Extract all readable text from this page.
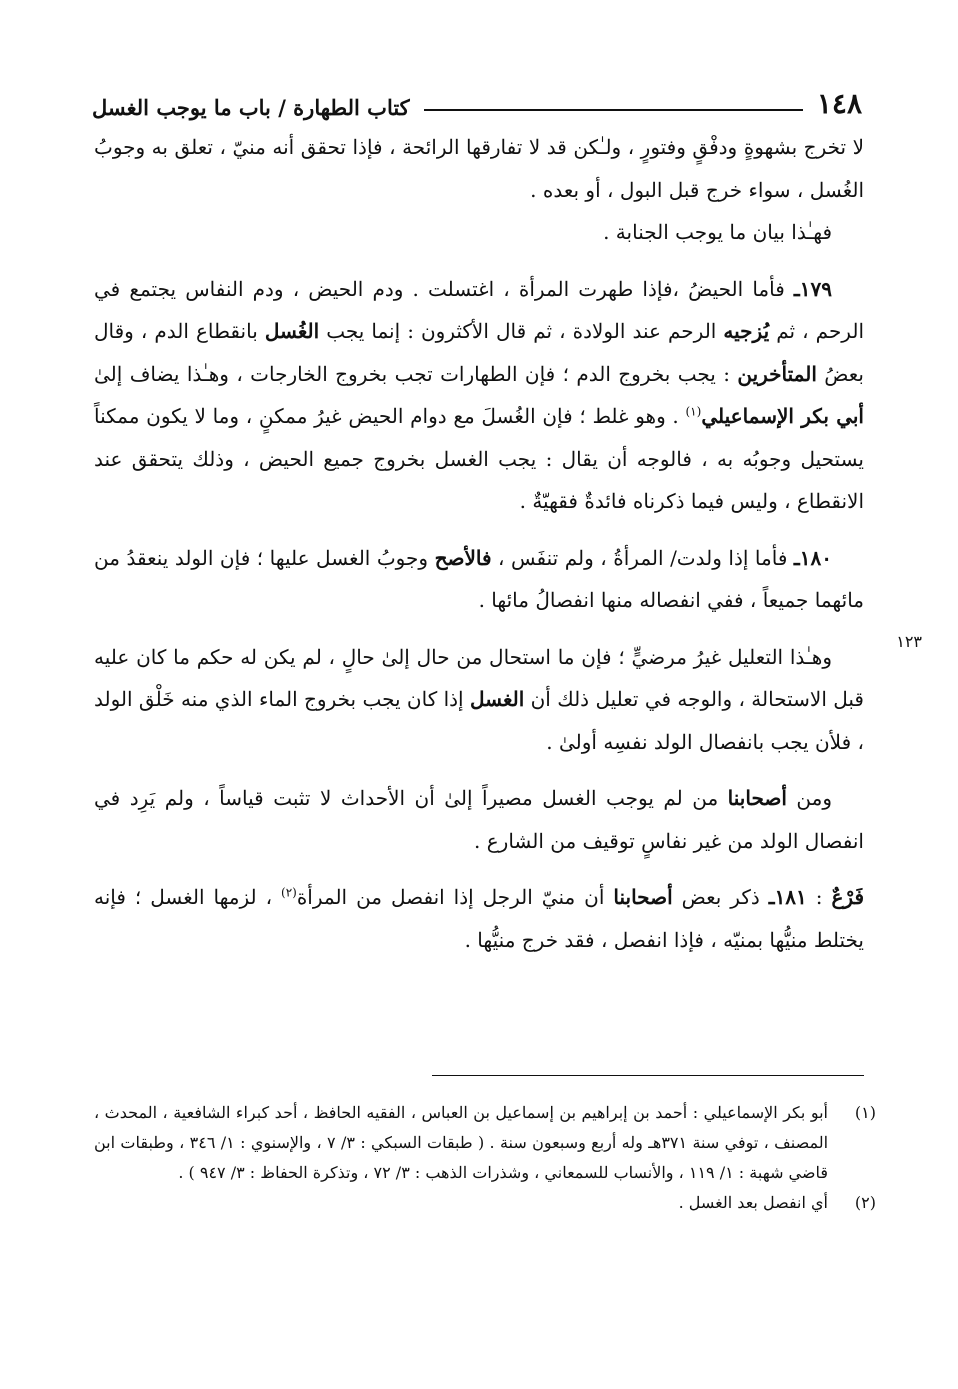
١٤٨
كتاب الطهارة / باب ما يوجب الغسل
١٢٣

لا تخرج بشهوةٍ ودفْقٍ وفتورٍ ، ولـٰكن قد لا تفارقها الرائحة ، فإذا تحقق أنه منيّ ، تعلق به وجوبُ الغُسل ، سواء خرج قبل البول ، أو بعده .

فهـٰذا بيان ما يوجب الجنابة .

١٧٩ـ فأما الحيضُ ،فإذا طهرت المرأة ، اغتسلت . ودم الحيض ، ودم النفاس يجتمع في الرحم ، ثم يُزجيه الرحم عند الولادة ، ثم قال الأكثرون : إنما يجب الغُسل بانقطاع الدم ، وقال بعضُ المتأخرين : يجب بخروج الدم ؛ فإن الطهارات تجب بخروج الخارجات ، وهـٰذا يضاف إلىٰ أبي بكر الإسماعيلي$^{(١)}$ . وهو غلط ؛ فإن الغُسلَ مع دوام الحيض غيرُ ممكنٍ ، وما لا يكون ممكناً يستحيل وجوبُه به ، فالوجه أن يقال : يجب الغسل بخروج جميع الحيض ، وذلك يتحقق عند الانقطاع ، وليس فيما ذكرناه فائدةٌ فقهيّةٌ .

١٨٠ـ فأما إذا ولدت/ المرأةُ ، ولم تنفَس ، فالأصح وجوبُ الغسل عليها ؛ فإن الولد ينعقدُ من مائهما جميعاً ، ففي انفصاله منها انفصالُ مائها .

وهـٰذا التعليل غيرُ مرضيٍّ ؛ فإن ما استحال من حال إلىٰ حالٍ ، لم يكن له حكم ما كان عليه قبل الاستحالة ، والوجه في تعليل ذلك أن الغسل إذا كان يجب بخروج الماء الذي منه خَلْق الولد ، فلأن يجب بانفصال الولد نفسِه أولىٰ .

ومن أصحابنا من لم يوجب الغسل مصيراً إلىٰ أن الأحداث لا تثبت قياساً ، ولم يَرِد في انفصال الولد من غير نفاسٍ توقيف من الشارع .

فَرْعٌ : ١٨١ـ ذكر بعض أصحابنا أن منيّ الرجل إذا انفصل من المرأة$^{(٢)}$ ، لزمها الغسل ؛ فإنه يختلط منيُّها بمنيّه ، فإذا انفصل ، فقد خرج منيُّها .

(١)
أبو بكر الإسماعيلي : أحمد بن إبراهيم بن إسماعيل بن العباس ، الفقيه الحافظ ، أحد كبراء الشافعية ، المحدث ، المصنف ، توفي سنة ٣٧١هـ وله أربع وسبعون سنة . ( طبقات السبكي : ٣/ ٧ ، والإسنوي : ١/ ٣٤٦ ، وطبقات ابن قاضي شهبة : ١/ ١١٩ ، والأنساب للسمعاني ، وشذرات الذهب : ٣/ ٧٢ ، وتذكرة الحفاظ : ٣/ ٩٤٧ ) .
(٢)
أي انفصل بعد الغسل .
